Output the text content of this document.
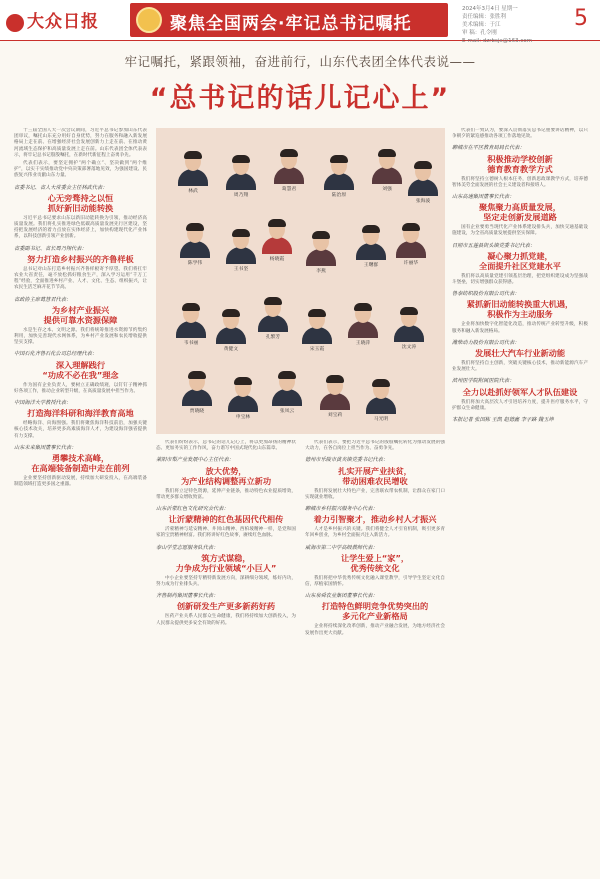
大众日报	聚焦全国两会·牢记总书记嘱托
2024年3月4日 星期一
责任编辑：张胜利
美术编辑：于江
审 稿：孔令刚
E-mail: dzrbsjx@163.com
5
牢记嘱托，紧跟领袖，奋进前行，山东代表团全体代表说——
“总书记的话儿记心上”

十三届全国人大一次会议期间，习近平总书记参加山东代表团审议，嘱托山东充分用好自身优势，努力在服务和融入新发展格局上走在前、在增强经济社会发展创新力上走在前、在推动黄河流域生态保护和高质量发展上走在前。山东代表团全体代表表示，将牢记总书记殷殷嘱托，在新时代新征程上奋勇争先。

代表们表示，要坚定拥护“两个确立”、坚决做到“两个维护”，以实干实绩推动党中央决策部署落地见效，为强国建设、民族复兴伟业贡献山东力量。

省委书记、省人大常委会主任林武代表：

心无旁骛持之以恒
抓好新旧动能转换

习近平总书记要求山东以新旧动能转换为引领，推动经济高质量发展。我们将扎实推进绿色低碳高质量发展先行区建设，坚持把发展经济的着力点放在实体经济上，加快构建现代化产业体系，以科技创新引领产业创新。

省委副书记、省长周乃翔代表：

努力打造乡村振兴的齐鲁样板

总书记对山东打造乡村振兴齐鲁样板寄予厚望。我们将扛牢农业大省责任，毫不放松抓好粮食生产，深入学习运用“千万工程”经验，全面推进乡村产业、人才、文化、生态、组织振兴，让农民生活芝麻开花节节高。

省政协主席葛慧君代表：

为乡村产业振兴
提供可靠水资源保障

水是生存之本、文明之源。我们将统筹推进水资源节约集约利用，加快完善现代水网体系，为乡村产业发展和农民增收提供坚实支撑。

中国石化齐鲁石化公司总经理代表：

深入理解践行
“功成不必在我”理念

作为国有企业负责人，要树立正确政绩观，以钉钉子精神抓好各项工作，推动企业转型升级，在高质量发展中担当作为。

中国海洋大学教授代表：

打造海洋科研和海洋教育高地

经略海洋、向海图强。我们将聚焦海洋科技前沿，加强关键核心技术攻关，培养更多高素质海洋人才，为建设海洋强省提供有力支撑。

山东未来集团董事长代表：

勇攀技术高峰，
在高端装备制造中走在前列

企业要坚持创新驱动发展，持续加大研发投入，在高端装备制造领域打造更多国之重器。

林武
周乃翔
葛慧君
陆治原
刘强
张海波
陈学伟
王书坚
杨晓霞
李燕
王曙群	许丽华
韦书丽
黄健文
孔繁芳
宋玉霞
王晓萍
沈文涛
贾晓晓
申宝林
张凤云
刘宝莉
马光明

代表们纷纷表示，总书记的话儿记心上，将以更加昂扬的精神状态、更加务实的工作作风，奋力谱写中国式现代化山东篇章。

莱阳市梨产业发展中心主任代表：

放大优势，
为产业结构调整再立新功

我们将立足特色资源，延伸产业链条，推动特色农业提质增效，带动更多群众增收致富。

山东沂蒙红色文化研究会代表：

让沂蒙精神的红色基因代代相传

沂蒙精神与延安精神、井冈山精神、西柏坡精神一样，是党和国家的宝贵精神财富。我们将讲好红色故事，赓续红色血脉。

泰山学堂志愿服务队代表：

筑方式谋稳，
力争成为行业领域“小巨人”

中小企业要坚持专精特新发展方向，深耕细分领域，练好内功，努力成为行业排头兵。

齐鲁制药集团董事长代表：

创新研发生产更多新药好药

医药产业关系人民群众生命健康，我们将持续加大创新投入，为人民群众提供更多安全有效的好药。

代表们表示，要把习近平总书记的殷殷嘱托转化为推动发展的强大动力，在各自岗位上担当作为、奋勇争先。

德州市乐陵市黄夹镇党委书记代表：

扎实开展产业扶贫，
带动困难农民增收

我们将发展壮大特色产业，完善联农带农机制，让群众在家门口实现就业增收。

聊城市乡村振兴服务中心代表：

着力引智聚才，推动乡村人才振兴

人才是乡村振兴的关键。我们将健全人才引育机制，吸引更多青年回乡创业，为乡村全面振兴注入新活力。

威海市第二中学高级教师代表：

让学生爱上“家”，
优秀传统文化

我们将把中华优秀传统文化融入课堂教学，引导学生坚定文化自信，厚植家国情怀。

山东泉舜农业集团董事长代表：

打造特色鲜明竞争优势突出的
多元化产业新格局

企业将持续深化改革创新，推动产业融合发展，为地方经济社会发展作出更大贡献。

代表们一致认为，要深入贯彻落实总书记重要讲话精神，以只争朝夕的紧迫感推动各项工作落地见效。

聊城市在平区教育局局长代表：

积极推动学校创新
德育教育教学方式

我们将坚持立德树人根本任务，创新思政课教学方式，培养德智体美劳全面发展的社会主义建设者和接班人。

山东高速集团董事长代表：

聚焦聚力高质量发展，
坚定走创新发展道路

国有企业要勇当现代化产业体系建设排头兵，加快交通基础设施建设，为全省高质量发展提供坚实保障。

日照市五莲县街头镇党委书记代表：

凝心聚力抓党建，
全面提升社区党建水平

我们将以高质量党建引领基层治理，把党组织建设成为坚强战斗堡垒，切实增强群众获得感。

鲁泰纺织股份有限公司代表：

紧抓新旧动能转换重大机遇，
积极作为主动服务

企业将加快数字化智能化改造，推动传统产业转型升级，积极服务和融入新发展格局。

潍柴动力股份有限公司代表：

发展壮大汽车行业新动能

我们将坚持自主创新，突破关键核心技术，推动新能源汽车产业发展壮大。

滨州医学院附属医院代表：

全力以赴抓好领军人才队伍建设

我们将加大高层次人才引进培养力度，提升医疗服务水平，守护群众生命健康。

本报记者 张国栋 王凯 赵德鑫 李子路 魏玉坤
